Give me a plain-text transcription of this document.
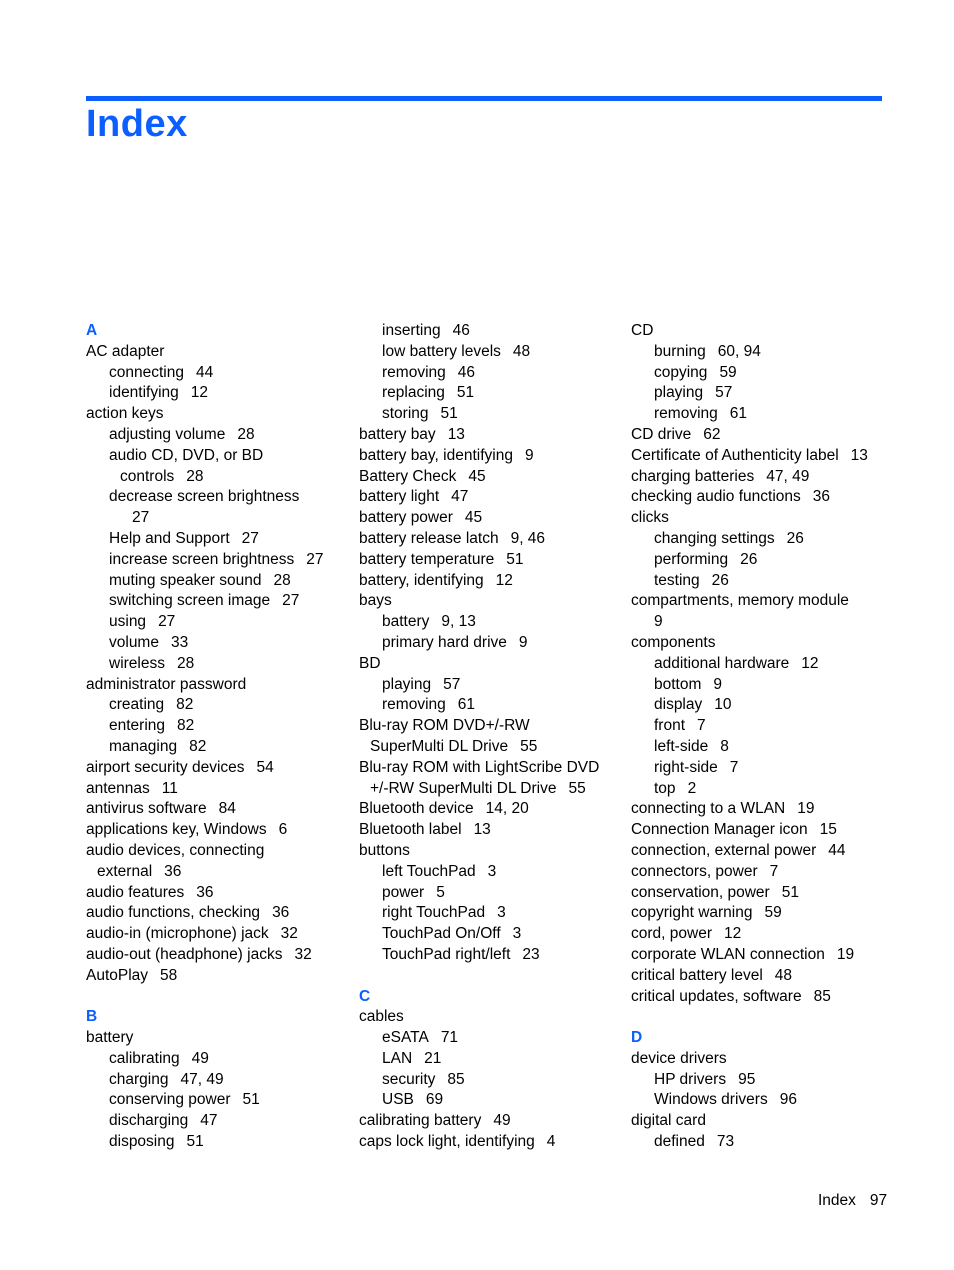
Index
A
AC adapter
connecting 44
identifying 12
action keys
adjusting volume 28
audio CD, DVD, or BD
controls 28
decrease screen brightness
27
Help and Support 27
increase screen brightness 27
muting speaker sound 28
switching screen image 27
using 27
volume 33
wireless 28
administrator password
creating 82
entering 82
managing 82
airport security devices 54
antennas 11
antivirus software 84
applications key, Windows 6
audio devices, connecting
external 36
audio features 36
audio functions, checking 36
audio-in (microphone) jack 32
audio-out (headphone) jacks 32
AutoPlay 58
B
battery
calibrating 49
charging 47, 49
conserving power 51
discharging 47
disposing 51
inserting 46
low battery levels 48
removing 46
replacing 51
storing 51
battery bay 13
battery bay, identifying 9
Battery Check 45
battery light 47
battery power 45
battery release latch 9, 46
battery temperature 51
battery, identifying 12
bays
battery 9, 13
primary hard drive 9
BD
playing 57
removing 61
Blu-ray ROM DVD+/-RW
SuperMulti DL Drive 55
Blu-ray ROM with LightScribe DVD
+/-RW SuperMulti DL Drive 55
Bluetooth device 14, 20
Bluetooth label 13
buttons
left TouchPad 3
power 5
right TouchPad 3
TouchPad On/Off 3
TouchPad right/left 23
C
cables
eSATA 71
LAN 21
security 85
USB 69
calibrating battery 49
caps lock light, identifying 4
CD
burning 60, 94
copying 59
playing 57
removing 61
CD drive 62
Certificate of Authenticity label 13
charging batteries 47, 49
checking audio functions 36
clicks
changing settings 26
performing 26
testing 26
compartments, memory module
9
components
additional hardware 12
bottom 9
display 10
front 7
left-side 8
right-side 7
top 2
connecting to a WLAN 19
Connection Manager icon 15
connection, external power 44
connectors, power 7
conservation, power 51
copyright warning 59
cord, power 12
corporate WLAN connection 19
critical battery level 48
critical updates, software 85
D
device drivers
HP drivers 95
Windows drivers 96
digital card
defined 73
Index 97
